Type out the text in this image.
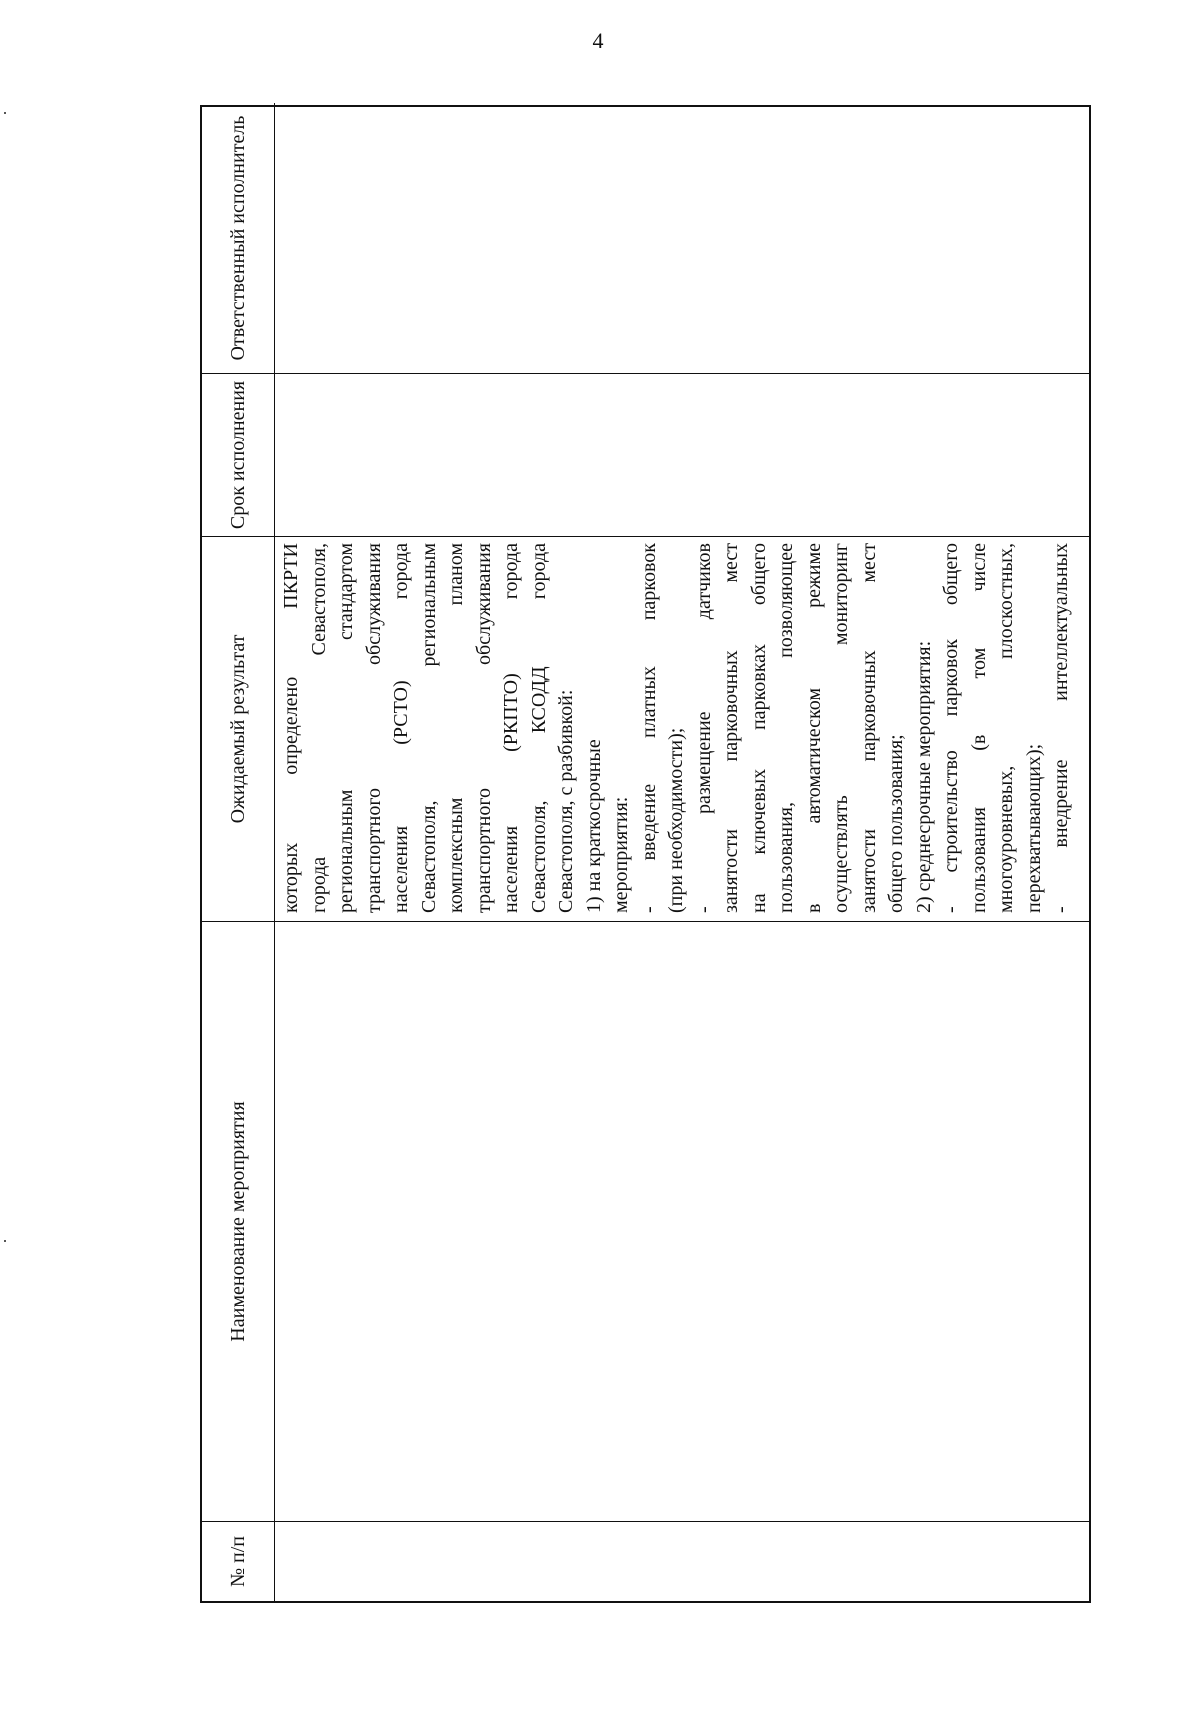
4
№ п/п
Наименование мероприятия
Ожидаемый результат	которых определено ПКРТИ города Севастополя, региональным стандартом транспортного обслуживания населения (РСТО) города Севастополя, региональным комплексным планом транспортного обслуживания населения (РКПТО) города Севастополя, КСОДД города Севастополя, с разбивкой: 1) на краткосрочные мероприятия: - введение платных парковок (при необходимости); - размещение датчиков занятости парковочных мест на ключевых парковках общего пользования, позволяющее в автоматическом режиме осуществлять мониторинг занятости парковочных мест общего пользования; 2) среднесрочные мероприятия: - строительство парковок общего пользования (в том числе многоуровневых, плоскостных, перехватывающих); - внедрение интеллектуальных
Срок исполнения
Ответственный исполнитель
